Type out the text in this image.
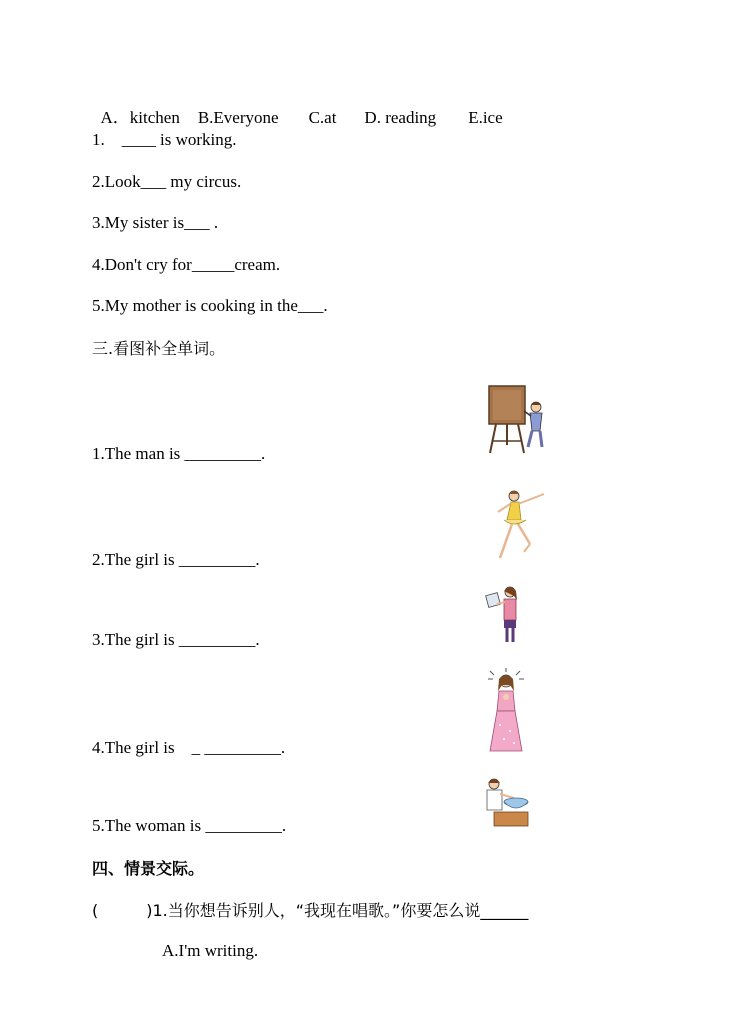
A．kitchen B.Everyone C.at D. reading E.ice

1.　____ is working.
2.Look___ my circus.
3.My sister is___ .
4.Don't cry for_____cream.
5.My mother is cooking in the___.
三.看图补全单词。
1.The man is _________.
2.The girl is _________.
3.The girl is _________.
4.The girl is    _ _________.
5.The woman is _________.
四、情景交际。
(　　　)1.当你想告诉别人，“我现在唱歌。”你要怎么说______
A.I'm writing.
